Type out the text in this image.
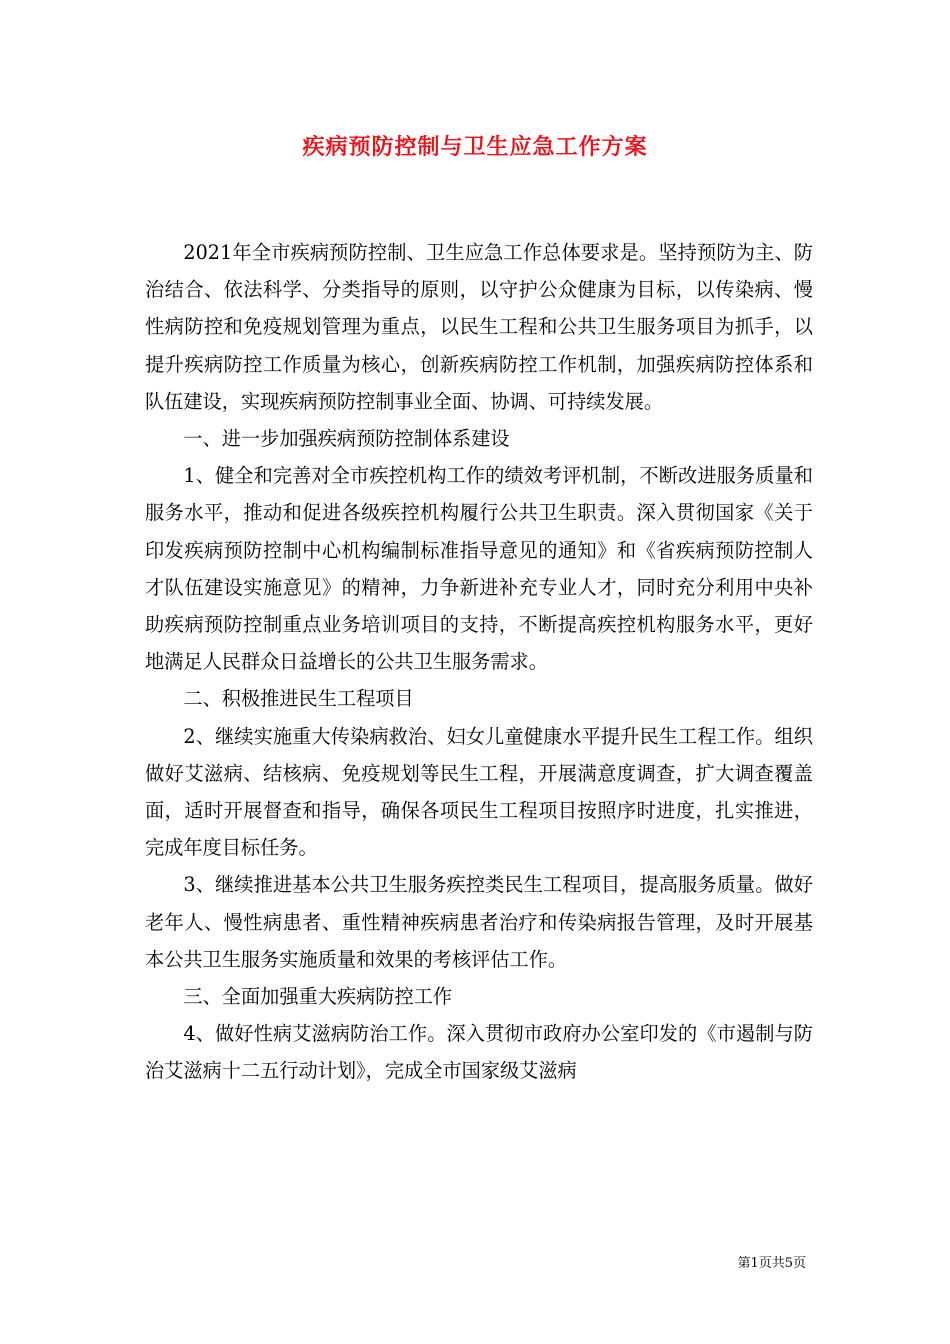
疾病预防控制与卫生应急工作方案

2021年全市疾病预防控制、卫生应急工作总体要求是。坚持预防为主、防治结合、依法科学、分类指导的原则，以守护公众健康为目标，以传染病、慢性病防控和免疫规划管理为重点，以民生工程和公共卫生服务项目为抓手，以提升疾病防控工作质量为核心，创新疾病防控工作机制，加强疾病防控体系和队伍建设，实现疾病预防控制事业全面、协调、可持续发展。

一、进一步加强疾病预防控制体系建设

1、健全和完善对全市疾控机构工作的绩效考评机制，不断改进服务质量和服务水平，推动和促进各级疾控机构履行公共卫生职责。深入贯彻国家《关于印发疾病预防控制中心机构编制标准指导意见的通知》和《省疾病预防控制人才队伍建设实施意见》的精神，力争新进补充专业人才，同时充分利用中央补助疾病预防控制重点业务培训项目的支持，不断提高疾控机构服务水平，更好地满足人民群众日益增长的公共卫生服务需求。

二、积极推进民生工程项目

2、继续实施重大传染病救治、妇女儿童健康水平提升民生工程工作。组织做好艾滋病、结核病、免疫规划等民生工程，开展满意度调查，扩大调查覆盖面，适时开展督查和指导，确保各项民生工程项目按照序时进度，扎实推进，完成年度目标任务。

3、继续推进基本公共卫生服务疾控类民生工程项目，提高服务质量。做好老年人、慢性病患者、重性精神疾病患者治疗和传染病报告管理，及时开展基本公共卫生服务实施质量和效果的考核评估工作。

三、全面加强重大疾病防控工作

4、做好性病艾滋病防治工作。深入贯彻市政府办公室印发的《市遏制与防治艾滋病十二五行动计划》，完成全市国家级艾滋病

第1页共5页
